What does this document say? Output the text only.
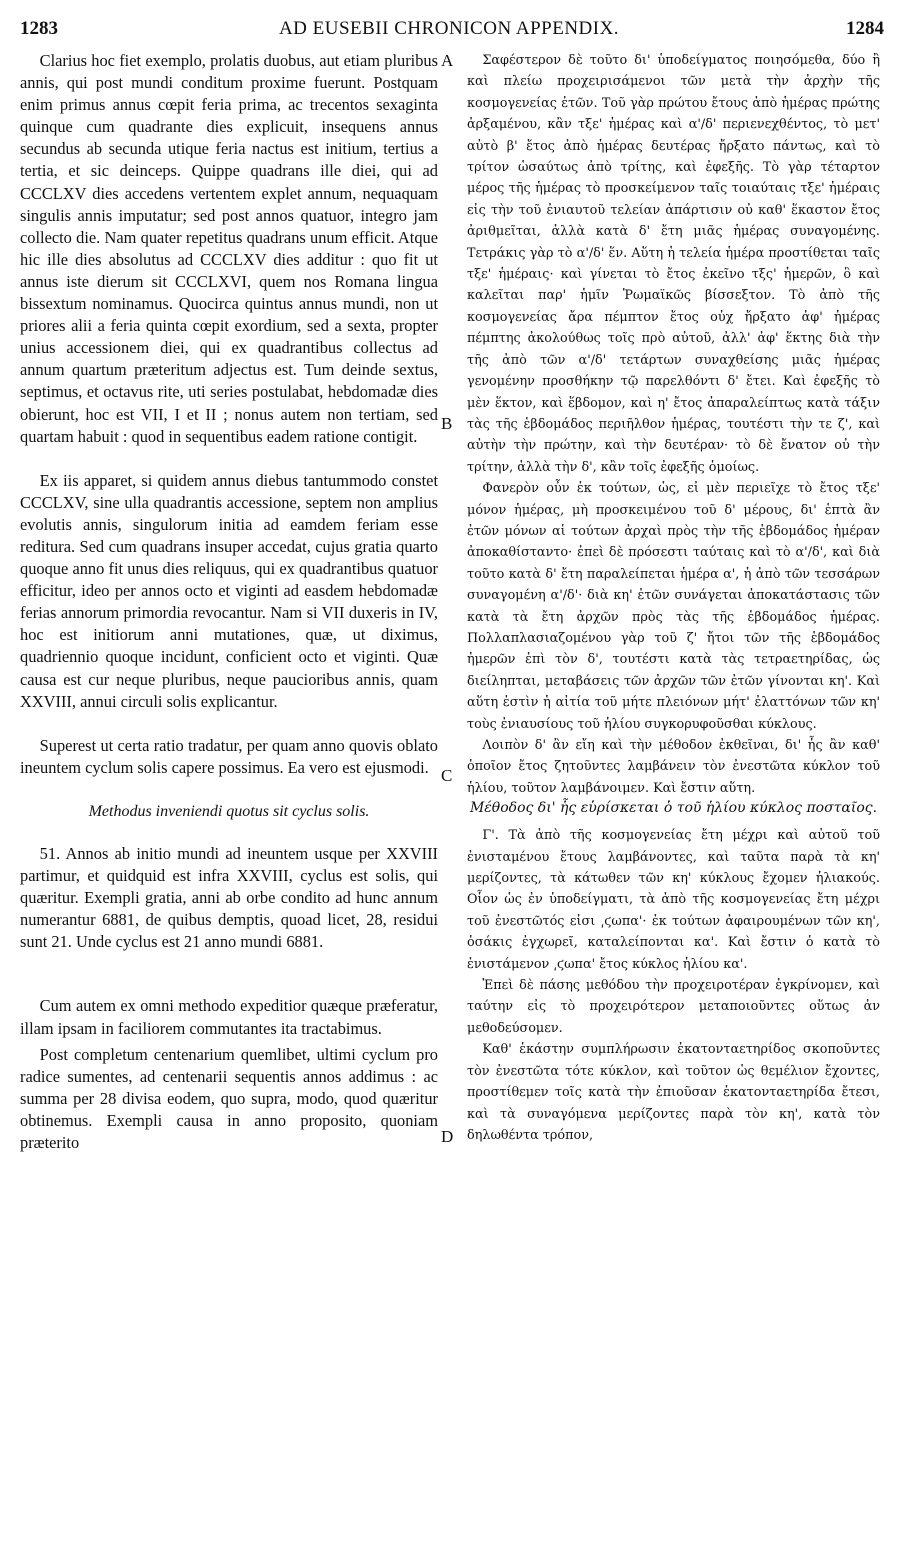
1283	AD EUSEBII CHRONICON APPENDIX.	1284
A
B
C
D

Clarius hoc fiet exemplo, prolatis duobus, aut etiam pluribus annis, qui post mundi conditum proxime fuerunt. Postquam enim primus annus cœpit feria prima, ac trecentos sexaginta quinque cum quadrante dies explicuit, insequens annus secundus ab secunda utique feria nactus est initium, tertius a tertia, et sic deinceps. Quippe quadrans ille diei, qui ad CCCLXV dies accedens vertentem explet annum, nequaquam singulis annis imputatur; sed post annos quatuor, integro jam collecto die. Nam quater repetitus quadrans unum efficit. Atque hic ille dies absolutus ad CCCLXV dies additur : quo fit ut annus iste dierum sit CCCLXVI, quem nos Romana lingua bissextum nominamus. Quocirca quintus annus mundi, non ut priores alii a feria quinta cœpit exordium, sed a sexta, propter unius accessionem diei, qui ex quadrantibus collectus ad annum quartum præteritum adjectus est. Tum deinde sextus, septimus, et octavus rite, uti series postulabat, hebdomadæ dies obierunt, hoc est VII, I et II ; nonus autem non tertiam, sed quartam habuit : quod in sequentibus eadem ratione contigit.

Ex iis apparet, si quidem annus diebus tantummodo constet CCCLXV, sine ulla quadrantis accessione, septem non amplius evolutis annis, singulorum initia ad eamdem feriam esse reditura. Sed cum quadrans insuper accedat, cujus gratia quarto quoque anno fit unus dies reliquus, qui ex quadrantibus quatuor efficitur, ideo per annos octo et viginti ad easdem hebdomadæ ferias annorum primordia revocantur. Nam si VII duxeris in IV, hoc est initiorum anni mutationes, quæ, ut diximus, quadriennio quoque incidunt, conficient octo et viginti. Quæ causa est cur neque pluribus, neque paucioribus annis, quam XXVIII, annui circuli solis explicantur.

Superest ut certa ratio tradatur, per quam anno quovis oblato ineuntem cyclum solis capere possimus. Ea vero est ejusmodi.

Methodus inveniendi quotus sit cyclus solis.

51. Annos ab initio mundi ad ineuntem usque per XXVIII partimur, et quidquid est infra XXVIII, cyclus est solis, qui quæritur. Exempli gratia, anni ab orbe condito ad hunc annum numerantur 6881, de quibus demptis, quoad licet, 28, residui sunt 21. Unde cyclus est 21 anno mundi 6881.

Cum autem ex omni methodo expeditior quæque præferatur, illam ipsam in faciliorem commutantes ita tractabimus.

Post completum centenarium quemlibet, ultimi cyclum pro radice sumentes, ad centenarii sequentis annos addimus : ac summa per 28 divisa eodem, quo supra, modo, quod quæritur obtinemus. Exempli causa in anno proposito, quoniam præterito

Σαφέστερον δὲ τοῦτο δι' ὑποδείγματος ποιησόμεθα, δύο ἢ καὶ πλείω προχειρισάμενοι τῶν μετὰ τὴν ἀρχὴν τῆς κοσμογενείας ἐτῶν. Τοῦ γὰρ πρώτου ἔτους ἀπὸ ἡμέρας πρώτης ἀρξαμένου, κἂν τξε' ἡμέρας καὶ α'/δ' περιενεχθέντος, τὸ μετ' αὐτὸ β' ἔτος ἀπὸ ἡμέρας δευτέρας ἤρξατο πάντως, καὶ τὸ τρίτον ὡσαύτως ἀπὸ τρίτης, καὶ ἐφεξῆς. Τὸ γὰρ τέταρτον μέρος τῆς ἡμέρας τὸ προσκείμενον ταῖς τοιαύταις τξε' ἡμέραις εἰς τὴν τοῦ ἐνιαυτοῦ τελείαν ἀπάρτισιν οὐ καθ' ἕκαστον ἔτος ἀριθμεῖται, ἀλλὰ κατὰ δ' ἔτη μιᾶς ἡμέρας συναγομένης. Τετράκις γὰρ τὸ α'/δ' ἕν. Αὕτη ἡ τελεία ἡμέρα προστίθεται ταῖς τξε' ἡμέραις· καὶ γίνεται τὸ ἔτος ἐκεῖνο τξς' ἡμερῶν, ὃ καὶ καλεῖται παρ' ἡμῖν Ῥωμαϊκῶς βίσσεξτον. Τὸ ἀπὸ τῆς κοσμογενείας ἄρα πέμπτον ἔτος οὐχ ἤρξατο ἀφ' ἡμέρας πέμπτης ἀκολούθως τοῖς πρὸ αὐτοῦ, ἀλλ' ἀφ' ἕκτης διὰ τὴν τῆς ἀπὸ τῶν α'/δ' τετάρτων συναχθείσης μιᾶς ἡμέρας γενομένην προσθήκην τῷ παρελθόντι δ' ἔτει. Καὶ ἐφεξῆς τὸ μὲν ἕκτον, καὶ ἕβδομον, καὶ η' ἔτος ἀπαραλείπτως κατὰ τάξιν τὰς τῆς ἑβδομάδος περιῆλθον ἡμέρας, τουτέστι τὴν τε ζ', καὶ αὐτὴν τὴν πρώτην, καὶ τὴν δευτέραν· τὸ δὲ ἔνατον οὐ τὴν τρίτην, ἀλλὰ τὴν δ', κἂν τοῖς ἐφεξῆς ὁμοίως.

Φανερὸν οὖν ἐκ τούτων, ὡς, εἰ μὲν περιεῖχε τὸ ἔτος τξε' μόνον ἡμέρας, μὴ προσκειμένου τοῦ δ' μέρους, δι' ἑπτὰ ἂν ἐτῶν μόνων αἱ τούτων ἀρχαὶ πρὸς τὴν τῆς ἑβδομάδος ἡμέραν ἀποκαθίσταντο· ἐπεὶ δὲ πρόσεστι ταύταις καὶ τὸ α'/δ', καὶ διὰ τοῦτο κατὰ δ' ἔτη παραλείπεται ἡμέρα α', ἡ ἀπὸ τῶν τεσσάρων συναγομένη α'/δ'· διὰ κη' ἐτῶν συνάγεται ἀποκατάστασις τῶν κατὰ τὰ ἔτη ἀρχῶν πρὸς τὰς τῆς ἑβδομάδος ἡμέρας. Πολλαπλασιαζομένου γὰρ τοῦ ζ' ἤτοι τῶν τῆς ἑβδομάδος ἡμερῶν ἐπὶ τὸν δ', τουτέστι κατὰ τὰς τετραετηρίδας, ὡς διείληπται, μεταβάσεις τῶν ἀρχῶν τῶν ἐτῶν γίνονται κη'. Καὶ αὕτη ἐστὶν ἡ αἰτία τοῦ μήτε πλειόνων μήτ' ἐλαττόνων τῶν κη' τοὺς ἐνιαυσίους τοῦ ἡλίου συγκορυφοῦσθαι κύκλους.

Λοιπὸν δ' ἂν εἴη καὶ τὴν μέθοδον ἐκθεῖναι, δι' ἧς ἂν καθ' ὁποῖον ἔτος ζητοῦντες λαμβάνειν τὸν ἐνεστῶτα κύκλον τοῦ ἡλίου, τοῦτον λαμβάνοιμεν. Καὶ ἔστιν αὕτη.

Μέθοδος δι' ἧς εὑρίσκεται ὁ τοῦ ἡλίου κύκλος ποσταῖος.

Γ'. Τὰ ἀπὸ τῆς κοσμογενείας ἔτη μέχρι καὶ αὐτοῦ τοῦ ἐνισταμένου ἔτους λαμβάνοντες, καὶ ταῦτα παρὰ τὰ κη' μερίζοντες, τὰ κάτωθεν τῶν κη' κύκλους ἔχομεν ἡλιακούς. Οἷον ὡς ἐν ὑποδείγματι, τὰ ἀπὸ τῆς κοσμογενείας ἔτη μέχρι τοῦ ἐνεστῶτός εἰσι ͵ϛωπα'· ἐκ τούτων ἀφαιρουμένων τῶν κη', ὁσάκις ἐγχωρεῖ, καταλείπονται κα'. Καὶ ἔστιν ὁ κατὰ τὸ ἐνιστάμενον ͵ϛωπα' ἔτος κύκλος ἡλίου κα'.

Ἐπεὶ δὲ πάσης μεθόδου τὴν προχειροτέραν ἐγκρίνομεν, καὶ ταύτην εἰς τὸ προχειρότερον μεταποιοῦντες οὕτως ἀν μεθοδεύσομεν.

Καθ' ἑκάστην συμπλήρωσιν ἑκατονταετηρίδος σκοποῦντες τὸν ἐνεστῶτα τότε κύκλον, καὶ τοῦτον ὡς θεμέλιον ἔχοντες, προστίθεμεν τοῖς κατὰ τὴν ἐπιοῦσαν ἑκατονταετηρίδα ἔτεσι, καὶ τὰ συναγόμενα μερίζοντες παρὰ τὸν κη', κατὰ τὸν δηλωθέντα τρόπον,
